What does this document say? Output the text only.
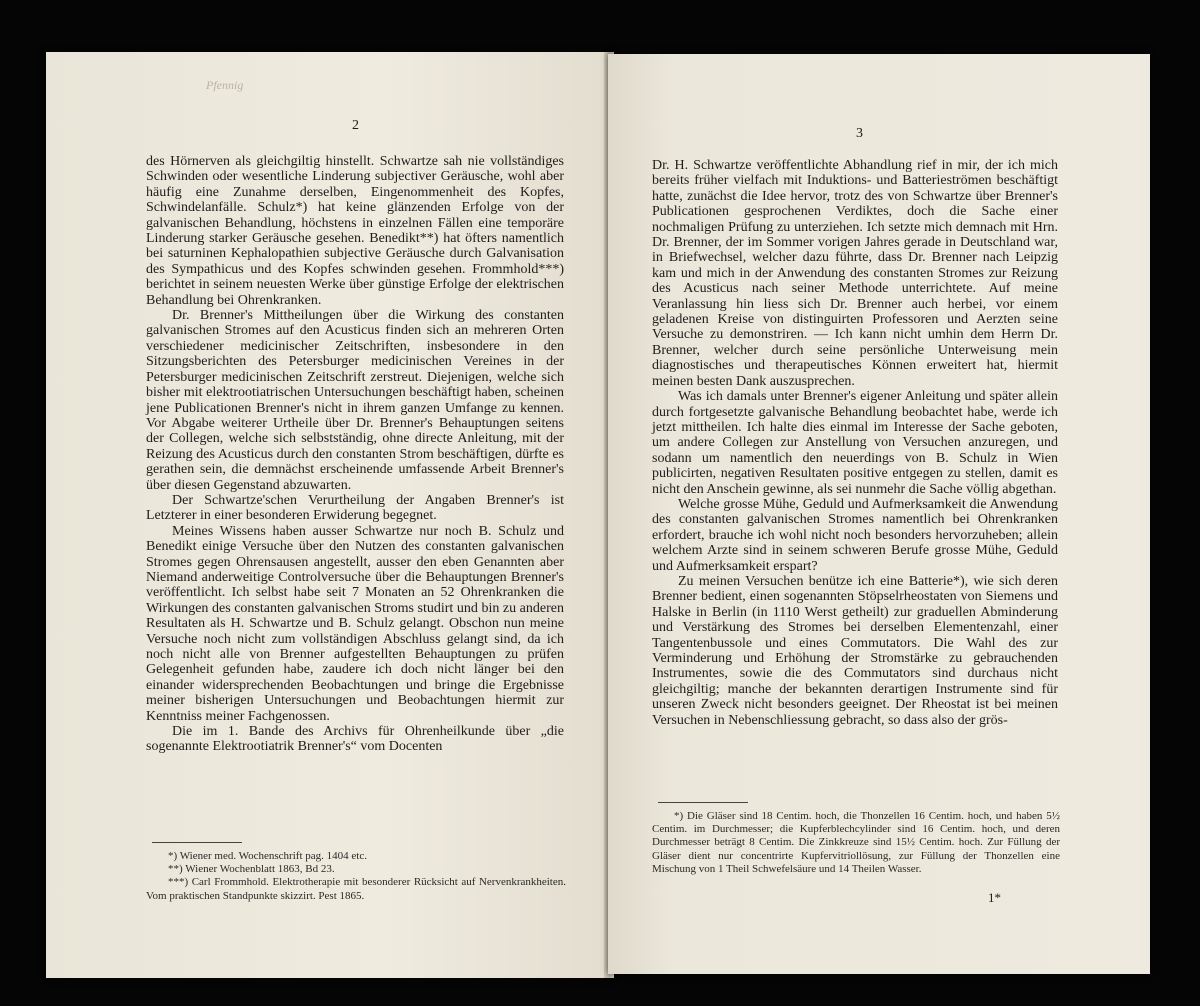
Pfennig
2

des Hörnerven als gleichgiltig hinstellt. Schwartze sah nie vollständiges Schwinden oder wesentliche Linderung subjectiver Geräusche, wohl aber häufig eine Zunahme derselben, Eingenommenheit des Kopfes, Schwindelanfälle. Schulz*) hat keine glänzenden Erfolge von der galvanischen Behandlung, höchstens in einzelnen Fällen eine temporäre Linderung starker Geräusche gesehen. Benedikt**) hat öfters namentlich bei saturninen Kephalopathien subjective Geräusche durch Galvanisation des Sympathicus und des Kopfes schwinden gesehen. Frommhold***) berichtet in seinem neuesten Werke über günstige Erfolge der elektrischen Behandlung bei Ohrenkranken.

Dr. Brenner's Mittheilungen über die Wirkung des constanten galvanischen Stromes auf den Acusticus finden sich an mehreren Orten verschiedener medicinischer Zeitschriften, insbesondere in den Sitzungsberichten des Petersburger medicinischen Vereines in der Petersburger medicinischen Zeitschrift zerstreut. Diejenigen, welche sich bisher mit elektrootiatrischen Untersuchungen beschäftigt haben, scheinen jene Publicationen Brenner's nicht in ihrem ganzen Umfange zu kennen. Vor Abgabe weiterer Urtheile über Dr. Brenner's Behauptungen seitens der Collegen, welche sich selbstständig, ohne directe Anleitung, mit der Reizung des Acusticus durch den constanten Strom beschäftigen, dürfte es gerathen sein, die demnächst erscheinende umfassende Arbeit Brenner's über diesen Gegenstand abzuwarten.

Der Schwartze'schen Verurtheilung der Angaben Brenner's ist Letzterer in einer besonderen Erwiderung begegnet.

Meines Wissens haben ausser Schwartze nur noch B. Schulz und Benedikt einige Versuche über den Nutzen des constanten galvanischen Stromes gegen Ohrensausen angestellt, ausser den eben Genannten aber Niemand anderweitige Controlversuche über die Behauptungen Brenner's veröffentlicht. Ich selbst habe seit 7 Monaten an 52 Ohrenkranken die Wirkungen des constanten galvanischen Stroms studirt und bin zu anderen Resultaten als H. Schwartze und B. Schulz gelangt. Obschon nun meine Versuche noch nicht zum vollständigen Abschluss gelangt sind, da ich noch nicht alle von Brenner aufgestellten Behauptungen zu prüfen Gelegenheit gefunden habe, zaudere ich doch nicht länger bei den einander widersprechenden Beobachtungen und bringe die Ergebnisse meiner bisherigen Untersuchungen und Beobachtungen hiermit zur Kenntniss meiner Fachgenossen.

Die im 1. Bande des Archivs für Ohrenheilkunde über „die sogenannte Elektrootiatrik Brenner's“ vom Docenten

*) Wiener med. Wochenschrift pag. 1404 etc.

**) Wiener Wochenblatt 1863, Bd 23.

***) Carl Frommhold. Elektrotherapie mit besonderer Rücksicht auf Nervenkrankheiten. Vom praktischen Standpunkte skizzirt. Pest 1865.

3

Dr. H. Schwartze veröffentlichte Abhandlung rief in mir, der ich mich bereits früher vielfach mit Induktions- und Batterieströmen beschäftigt hatte, zunächst die Idee hervor, trotz des von Schwartze über Brenner's Publicationen gesprochenen Verdiktes, doch die Sache einer nochmaligen Prüfung zu unterziehen. Ich setzte mich demnach mit Hrn. Dr. Brenner, der im Sommer vorigen Jahres gerade in Deutschland war, in Briefwechsel, welcher dazu führte, dass Dr. Brenner nach Leipzig kam und mich in der Anwendung des constanten Stromes zur Reizung des Acusticus nach seiner Methode unterrichtete. Auf meine Veranlassung hin liess sich Dr. Brenner auch herbei, vor einem geladenen Kreise von distinguirten Professoren und Aerzten seine Versuche zu demonstriren. — Ich kann nicht umhin dem Herrn Dr. Brenner, welcher durch seine persönliche Unterweisung mein diagnostisches und therapeutisches Können erweitert hat, hiermit meinen besten Dank auszusprechen.

Was ich damals unter Brenner's eigener Anleitung und später allein durch fortgesetzte galvanische Behandlung beobachtet habe, werde ich jetzt mittheilen. Ich halte dies einmal im Interesse der Sache geboten, um andere Collegen zur Anstellung von Versuchen anzuregen, und sodann um namentlich den neuerdings von B. Schulz in Wien publicirten, negativen Resultaten positive entgegen zu stellen, damit es nicht den Anschein gewinne, als sei nunmehr die Sache völlig abgethan.

Welche grosse Mühe, Geduld und Aufmerksamkeit die Anwendung des constanten galvanischen Stromes namentlich bei Ohrenkranken erfordert, brauche ich wohl nicht noch besonders hervorzuheben; allein welchem Arzte sind in seinem schweren Berufe grosse Mühe, Geduld und Aufmerksamkeit erspart?

Zu meinen Versuchen benütze ich eine Batterie*), wie sich deren Brenner bedient, einen sogenannten Stöpselrheostaten von Siemens und Halske in Berlin (in 1110 Werst getheilt) zur graduellen Abminderung und Verstärkung des Stromes bei derselben Elementenzahl, einer Tangentenbussole und eines Commutators. Die Wahl des zur Verminderung und Erhöhung der Stromstärke zu gebrauchenden Instrumentes, sowie die des Commutators sind durchaus nicht gleichgiltig; manche der bekannten derartigen Instrumente sind für unseren Zweck nicht besonders geeignet. Der Rheostat ist bei meinen Versuchen in Nebenschliessung gebracht, so dass also der grös-

*) Die Gläser sind 18 Centim. hoch, die Thonzellen 16 Centim. hoch, und haben 5½ Centim. im Durchmesser; die Kupferblechcylinder sind 16 Centim. hoch, und deren Durchmesser beträgt 8 Centim. Die Zinkkreuze sind 15½ Centim. hoch. Zur Füllung der Gläser dient nur concentrirte Kupfervitriollösung, zur Füllung der Thonzellen eine Mischung von 1 Theil Schwefelsäure und 14 Theilen Wasser.

1*
